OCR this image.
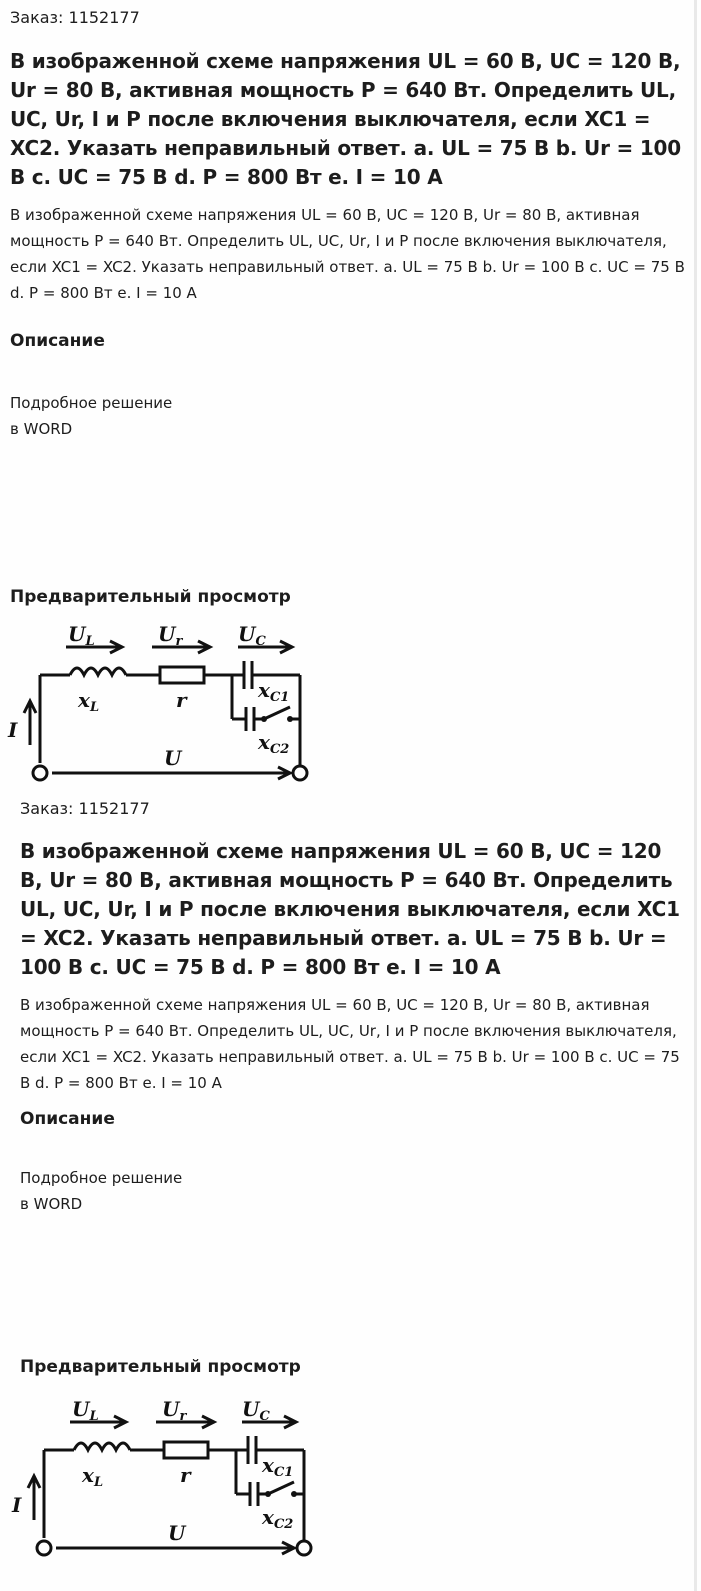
Заказ: 1152177
В изображенной схеме напряжения UL = 60 В, UC = 120 В, Ur = 80 В, активная мощность P = 640 Вт. Определить UL, UC, Ur, I и P после включения выключателя, если XC1 = XC2. Указать неправильный ответ. a. UL = 75 В b. Ur = 100 В c. UC = 75 В d. P = 800 Вт e. I = 10 А
В изображенной схеме напряжения UL = 60 В, UC = 120 В, Ur = 80 В, активная мощность P = 640 Вт. Определить UL, UC, Ur, I и P после включения выключателя, если XC1 = XC2. Указать неправильный ответ. a. UL = 75 В b. Ur = 100 В c. UC = 75 В d. P = 800 Вт e. I = 10 А
Описание
Подробное решение
в WORD
Предварительный просмотр
$U_L$	$U_r$	$U_C$
$x_L$	r	$x_{C1}$
$x_{C2}$
I
U
Заказ: 1152177
В изображенной схеме напряжения UL = 60 В, UC = 120 В, Ur = 80 В, активная мощность P = 640 Вт. Определить UL, UC, Ur, I и P после включения выключателя, если XC1 = XC2. Указать неправильный ответ. a. UL = 75 В b. Ur = 100 В c. UC = 75 В d. P = 800 Вт e. I = 10 А
В изображенной схеме напряжения UL = 60 В, UC = 120 В, Ur = 80 В, активная мощность P = 640 Вт. Определить UL, UC, Ur, I и P после включения выключателя, если XC1 = XC2. Указать неправильный ответ. a. UL = 75 В b. Ur = 100 В c. UC = 75 В d. P = 800 Вт e. I = 10 А
Описание
Подробное решение
в WORD
Предварительный просмотр
$U_L$	$U_r$	$U_C$
$x_L$	r	$x_{C1}$
$x_{C2}$
I
U
